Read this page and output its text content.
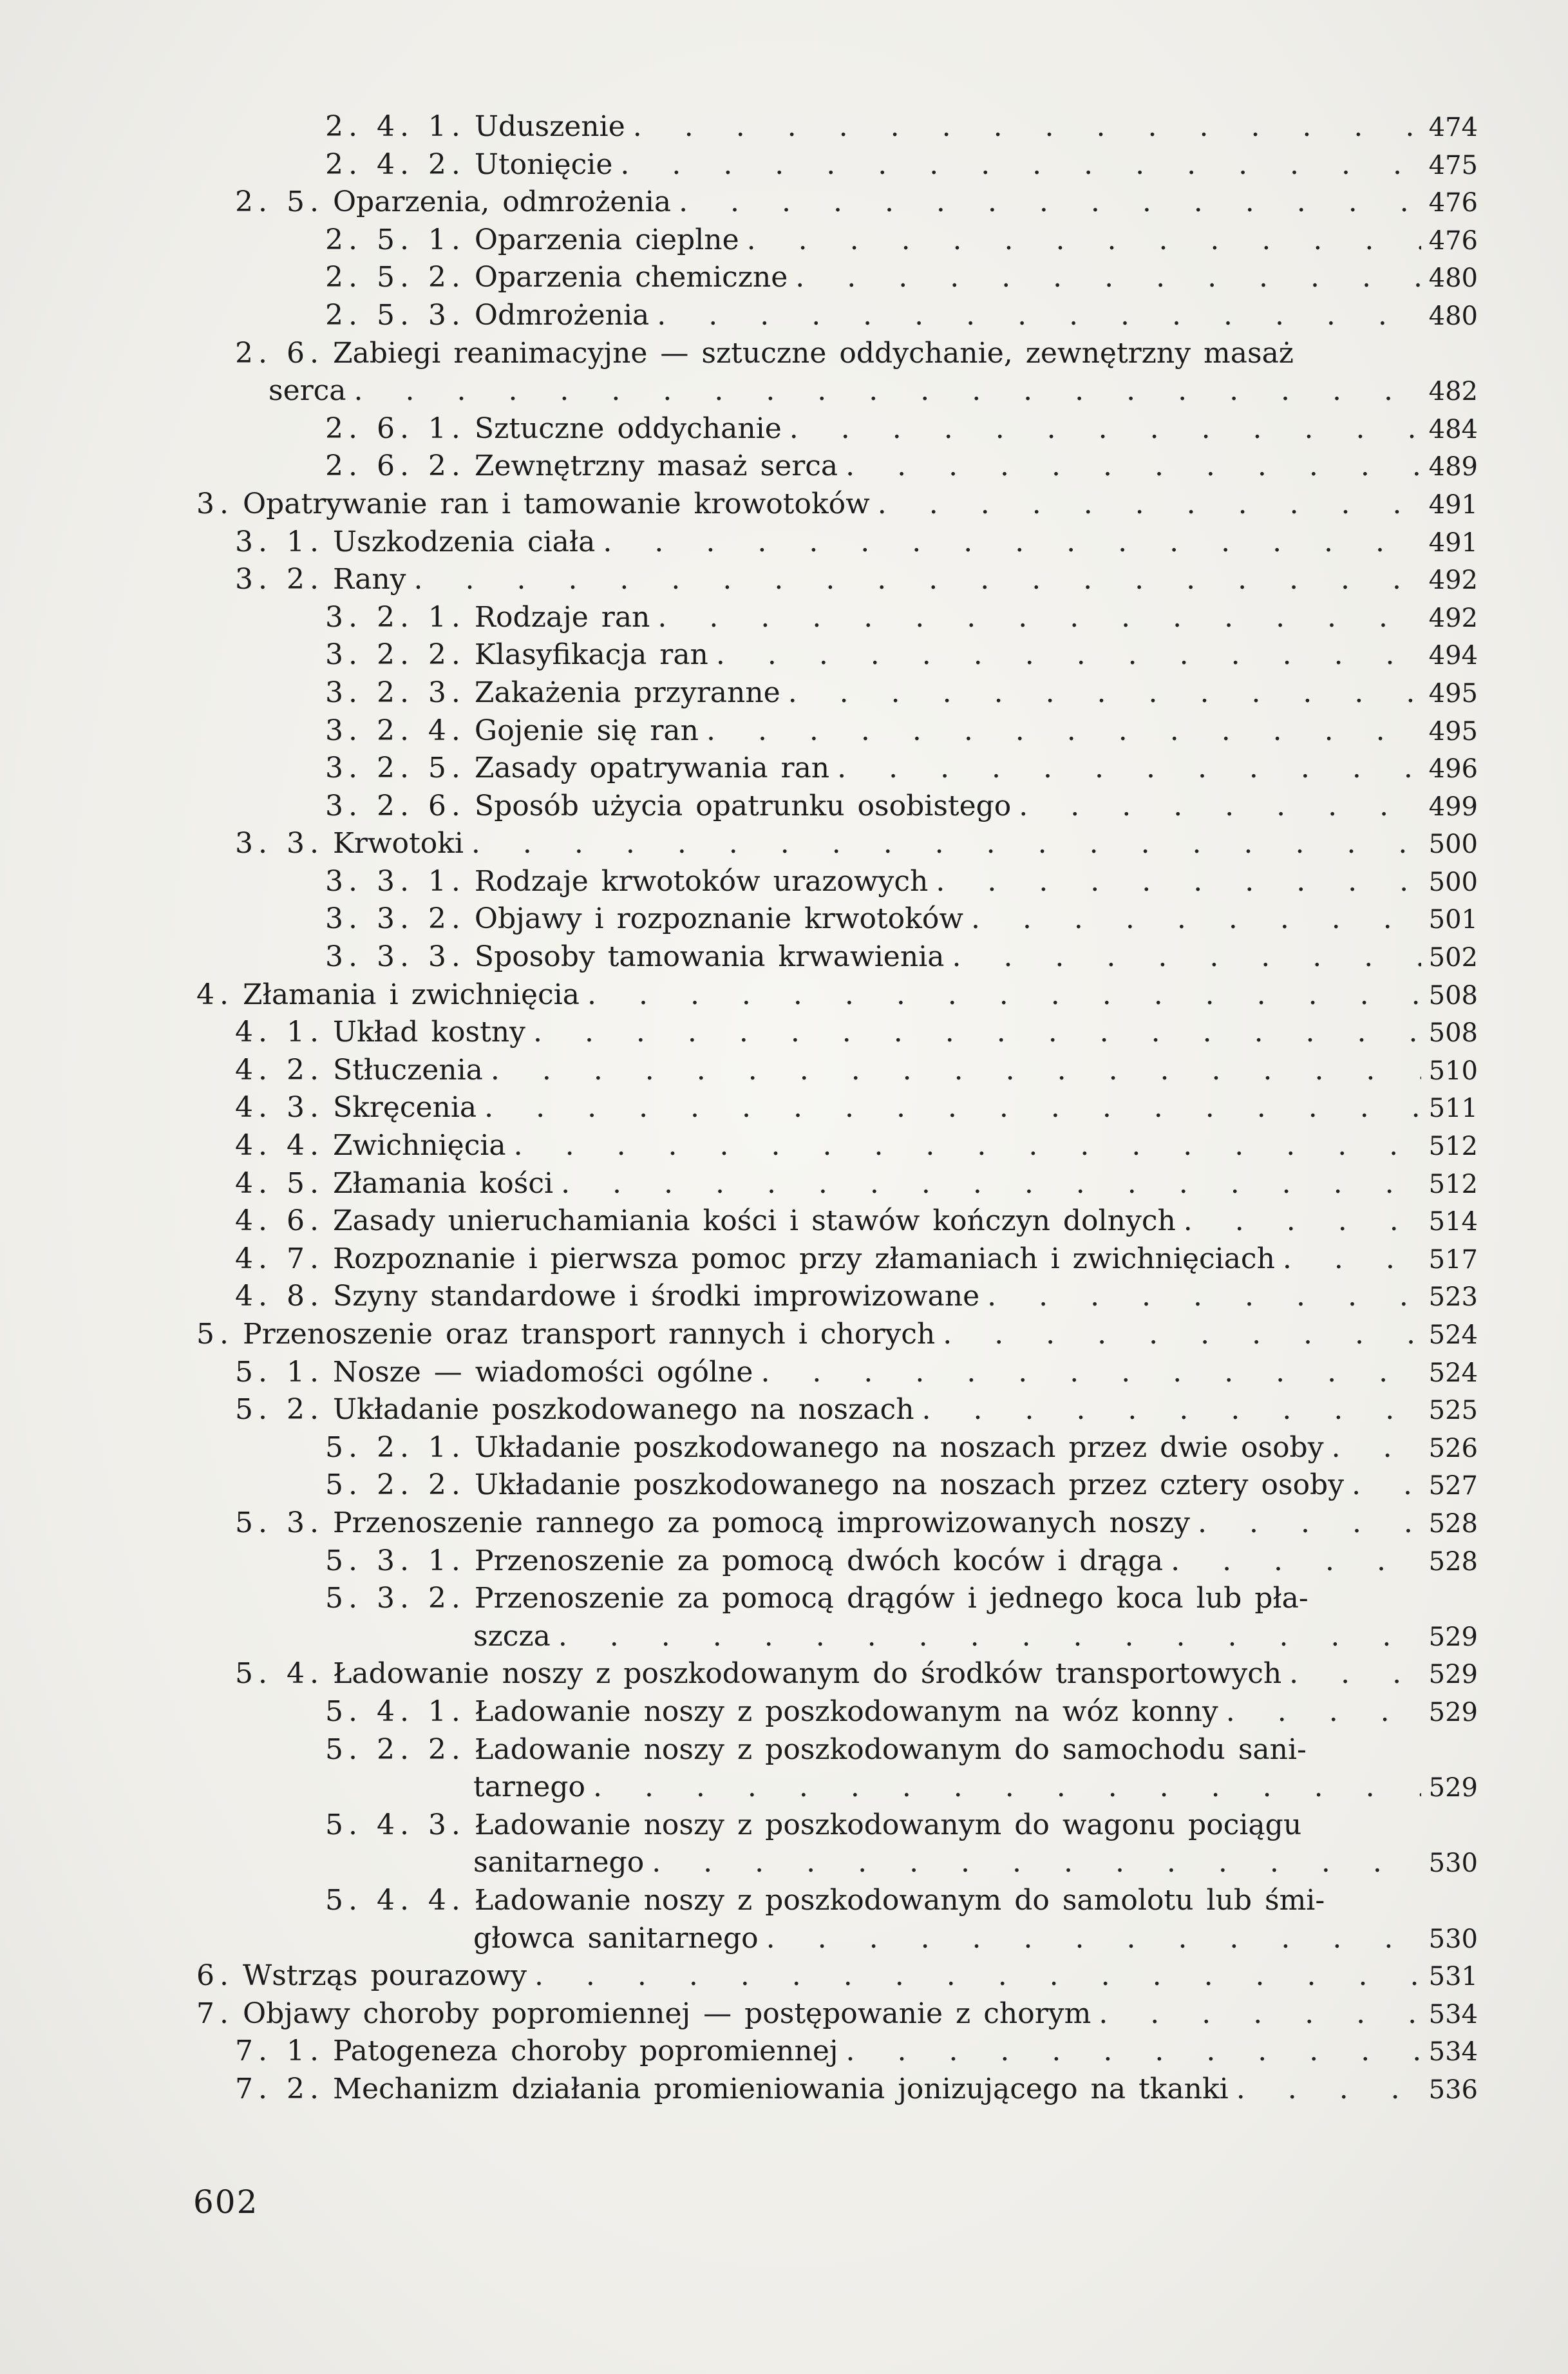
2. 4. 1. Uduszenie . . .	474
2. 4. 2. Utonięcie . . .	475
2. 5. Oparzenia, odmrożenia . . .	476
2. 5. 1. Oparzenia cieplne . . .	476
2. 5. 2. Oparzenia chemiczne . . .	480
2. 5. 3. Odmrożenia . . .	480
2. 6. Zabiegi reanimacyjne — sztuczne oddychanie, zewnętrzny masaż
serca . . .	482
2. 6. 1. Sztuczne oddychanie . . .	484
2. 6. 2. Zewnętrzny masaż serca . . .	489
3. Opatrywanie ran i tamowanie krowotoków . . .	491
3. 1. Uszkodzenia ciała . . .	491
3. 2. Rany . . .	492
3. 2. 1. Rodzaje ran . . .	492
3. 2. 2. Klasyfikacja ran . . .	494
3. 2. 3. Zakażenia przyranne . . .	495
3. 2. 4. Gojenie się ran . . .	495
3. 2. 5. Zasady opatrywania ran . . .	496
3. 2. 6. Sposób użycia opatrunku osobistego . . .	499
3. 3. Krwotoki . . .	500
3. 3. 1. Rodzaje krwotoków urazowych . . .	500
3. 3. 2. Objawy i rozpoznanie krwotoków . . .	501
3. 3. 3. Sposoby tamowania krwawienia . . .	502
4. Złamania i zwichnięcia . . .	508
4. 1. Układ kostny . . .	508
4. 2. Stłuczenia . . .	510
4. 3. Skręcenia . . .	511
4. 4. Zwichnięcia . . .	512
4. 5. Złamania kości . . .	512
4. 6. Zasady unieruchamiania kości i stawów kończyn dolnych . . .	514
4. 7. Rozpoznanie i pierwsza pomoc przy złamaniach i zwichnięciach . . .	517
4. 8. Szyny standardowe i środki improwizowane . . .	523
5. Przenoszenie oraz transport rannych i chorych . . .	524
5. 1. Nosze — wiadomości ogólne . . .	524
5. 2. Układanie poszkodowanego na noszach . . .	525
5. 2. 1. Układanie poszkodowanego na noszach przez dwie osoby . . .	526
5. 2. 2. Układanie poszkodowanego na noszach przez cztery osoby . . .	527
5. 3. Przenoszenie rannego za pomocą improwizowanych noszy . . .	528
5. 3. 1. Przenoszenie za pomocą dwóch koców i drąga . . .	528
5. 3. 2. Przenoszenie za pomocą drągów i jednego koca lub pła-
szcza . . .	529
5. 4. Ładowanie noszy z poszkodowanym do środków transportowych . . .	529
5. 4. 1. Ładowanie noszy z poszkodowanym na wóz konny . . .	529
5. 2. 2. Ładowanie noszy z poszkodowanym do samochodu sani-
tarnego . . .	529
5. 4. 3. Ładowanie noszy z poszkodowanym do wagonu pociągu
sanitarnego . . .	530
5. 4. 4. Ładowanie noszy z poszkodowanym do samolotu lub śmi-
głowca sanitarnego . . .	530
6. Wstrząs pourazowy . . .	531
7. Objawy choroby popromiennej — postępowanie z chorym . . .	534
7. 1. Patogeneza choroby popromiennej . . .	534
7. 2. Mechanizm działania promieniowania jonizującego na tkanki . . .	536
602
